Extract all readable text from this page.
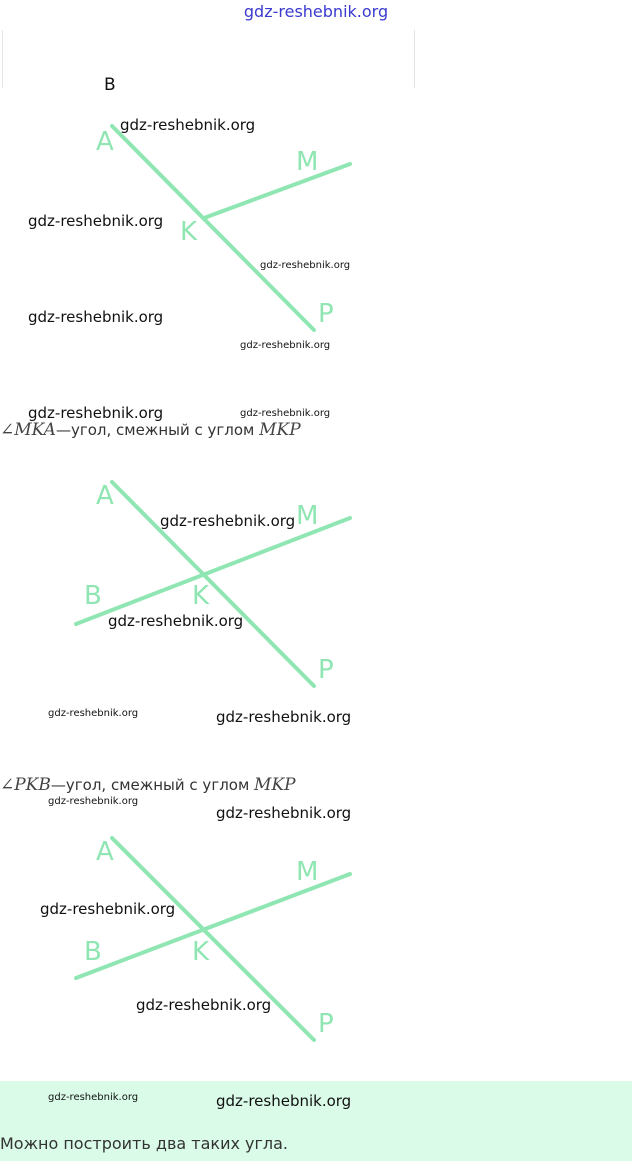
gdz-reshebnik.org
B
A
M
K
P
∠MKA—угол, смежный с углом MKP
A
M
B	K
P
∠PKB—угол, смежный с углом MKP
A
M
B	K
P
Можно построить два таких угла.
gdz-reshebnik.org
gdz-reshebnik.org
gdz-reshebnik.org
gdz-reshebnik.org
gdz-reshebnik.org
gdz-reshebnik.org	gdz-reshebnik.org
gdz-reshebnik.org
gdz-reshebnik.org
gdz-reshebnik.org	gdz-reshebnik.org
gdz-reshebnik.org
gdz-reshebnik.org
gdz-reshebnik.org
gdz-reshebnik.org
gdz-reshebnik.org	gdz-reshebnik.org
